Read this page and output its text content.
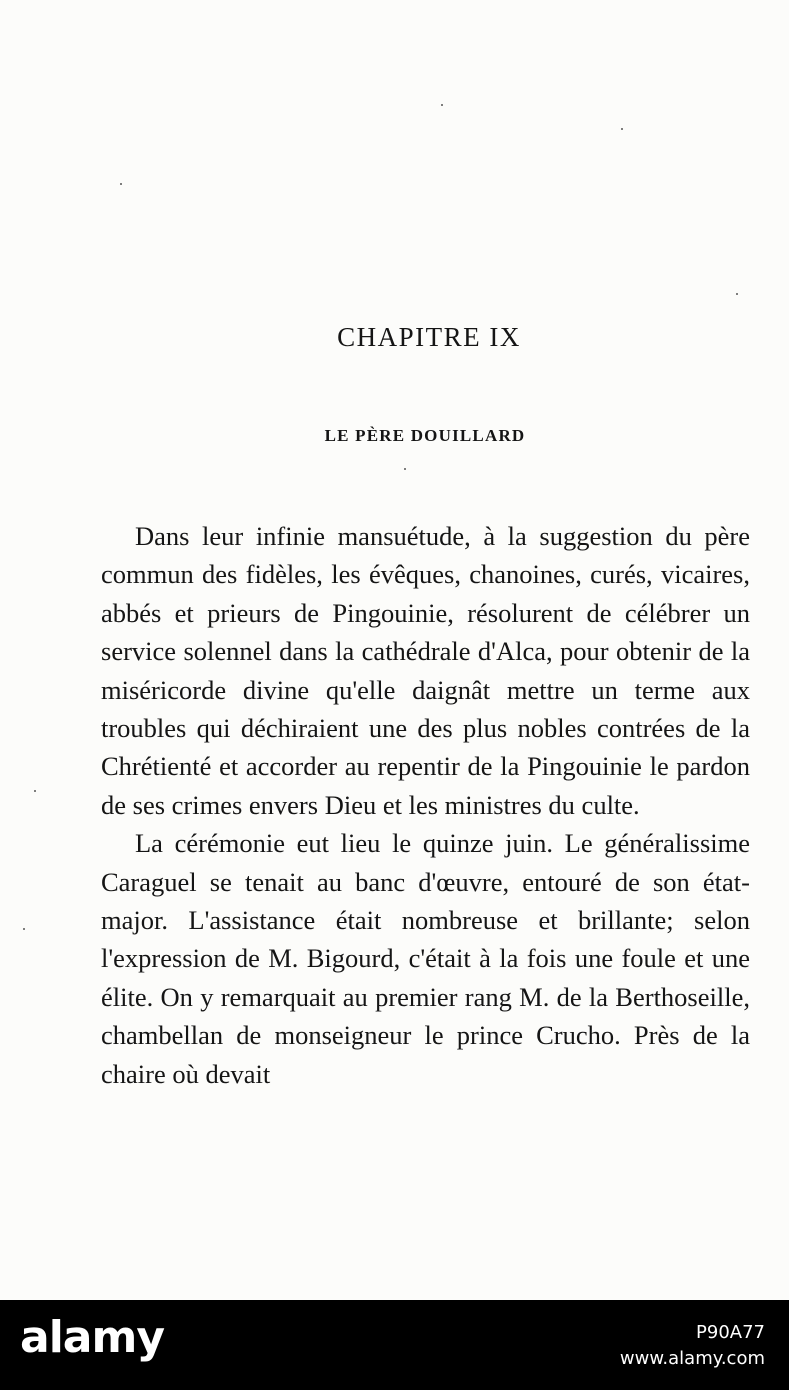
CHAPITRE IX
LE PÈRE DOUILLARD

Dans leur infinie mansuétude, à la suggestion du père commun des fidèles, les évêques, chanoines, curés, vicaires, abbés et prieurs de Pingouinie, résolurent de célébrer un service solennel dans la cathédrale d'Alca, pour obtenir de la miséricorde divine qu'elle daignât mettre un terme aux troubles qui déchiraient une des plus nobles contrées de la Chrétienté et accorder au repentir de la Pingouinie le pardon de ses crimes envers Dieu et les ministres du culte.

La cérémonie eut lieu le quinze juin. Le généralissime Caraguel se tenait au banc d'œuvre, entouré de son état-major. L'assistance était nombreuse et brillante; selon l'expression de M. Bigourd, c'était à la fois une foule et une élite. On y remarquait au premier rang M. de la Berthoseille, chambellan de monseigneur le prince Crucho. Près de la chaire où devait

alamy	P90A77
www.alamy.com
